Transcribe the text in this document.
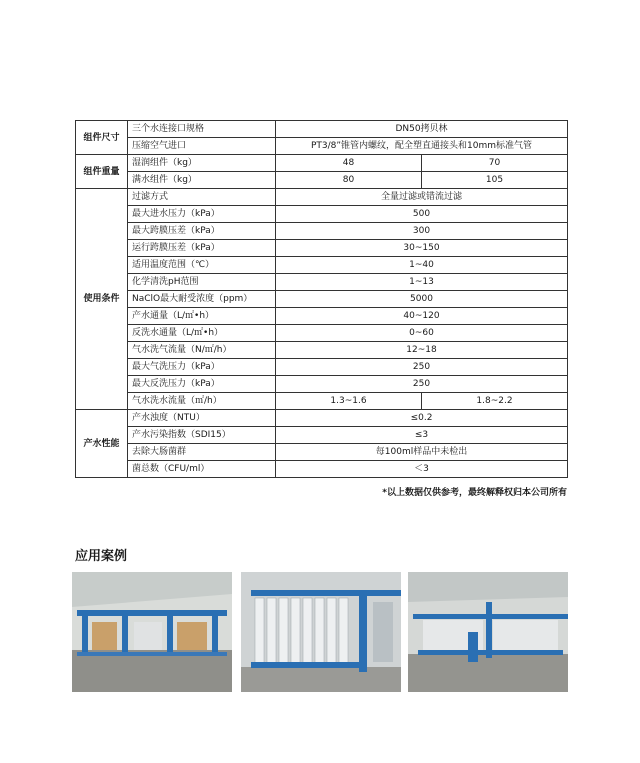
组件尺寸	三个水连接口规格	DN50拷贝林	
	压缩空气进口	PT3/8”锥管内螺纹，配全塑直通接头和10mm标准气管	
组件重量	湿润组件（kg）	48	70
	满水组件（kg）	80	105
使用条件	过滤方式	全量过滤或错流过滤	
	最大进水压力（kPa）	500	
	最大跨膜压差（kPa）	300	
	运行跨膜压差（kPa）	30~150	
	适用温度范围（℃）	1~40	
	化学清洗pH范围	1~13	
	NaClO最大耐受浓度（ppm）	5000	
	产水通量（L/㎡•h）	40~120	
	反洗水通量（L/㎡•h）	0~60	
	气水洗气流量（N/㎡/h）	12~18	
	最大气洗压力（kPa）	250	
	最大反洗压力（kPa）	250	
	气水洗水流量（㎡/h）	1.3~1.6	1.8~2.2
产水性能	产水浊度（NTU）	≤0.2	
	产水污染指数（SDI15）	≤3	
	去除大肠菌群	每100ml样品中未检出	
	菌总数（CFU/ml）	＜3	
*以上数据仅供参考，最终解释权归本公司所有
应用案例
